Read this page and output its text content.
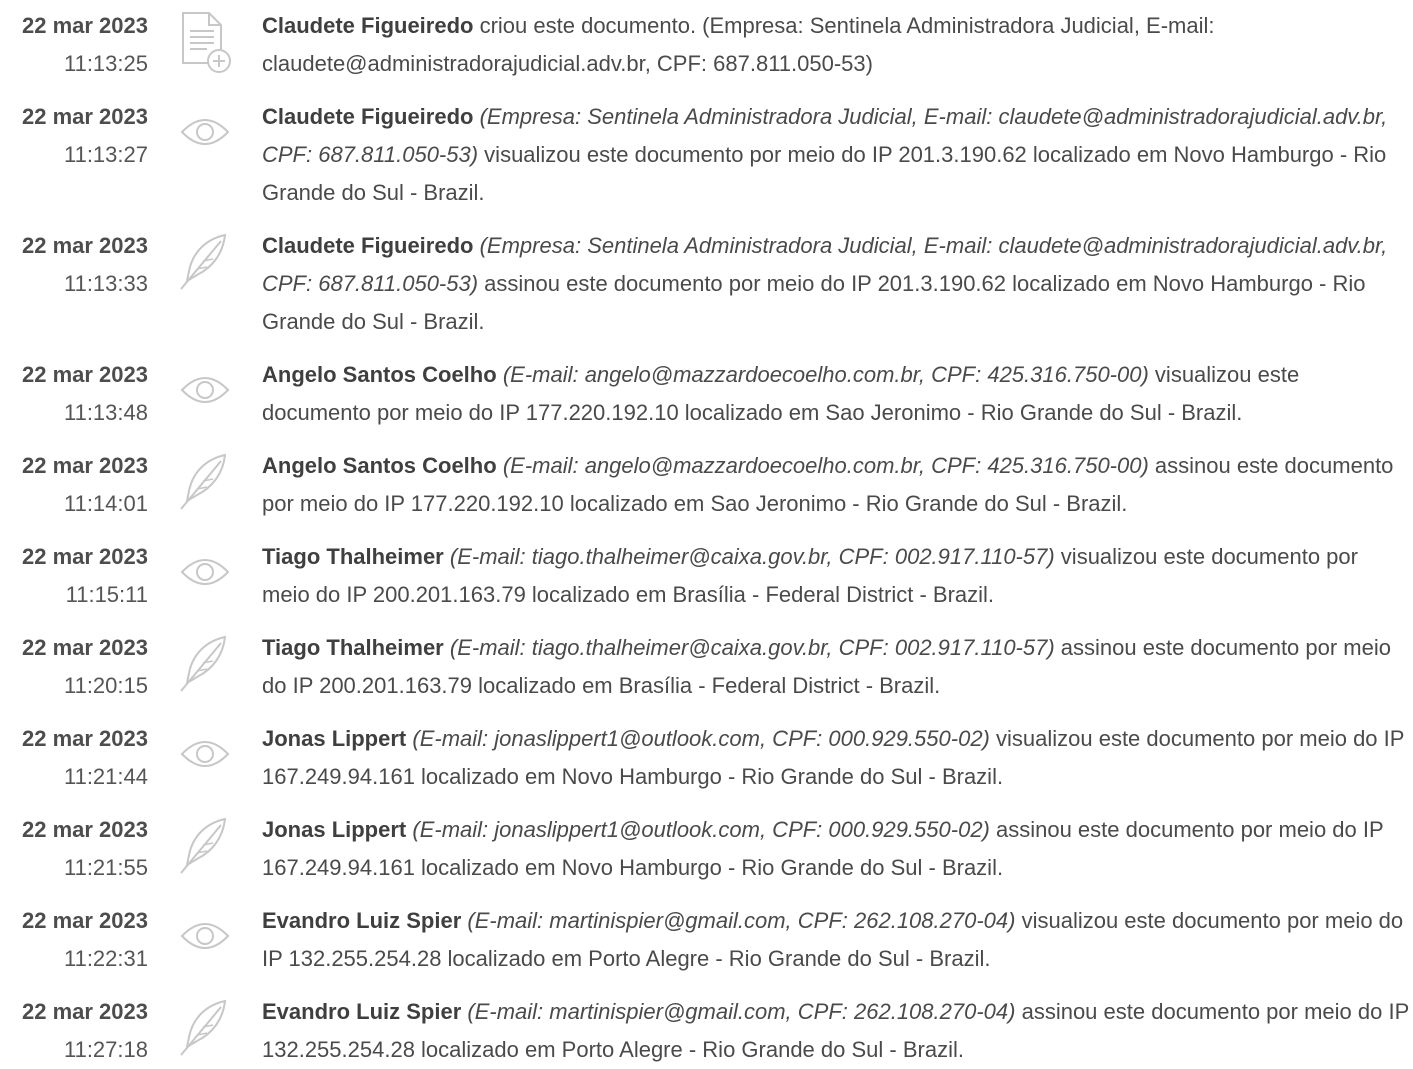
22 mar 2023
11:13:25
Claudete Figueiredo criou este documento. (Empresa: Sentinela Administradora Judicial, E-mail: claudete@administradorajudicial.adv.br, CPF: 687.811.050-53)
22 mar 2023
11:13:27
Claudete Figueiredo (Empresa: Sentinela Administradora Judicial, E-mail: claudete@administradorajudicial.adv.br, CPF: 687.811.050-53) visualizou este documento por meio do IP 201.3.190.62 localizado em Novo Hamburgo - Rio Grande do Sul - Brazil.
22 mar 2023
11:13:33
Claudete Figueiredo (Empresa: Sentinela Administradora Judicial, E-mail: claudete@administradorajudicial.adv.br, CPF: 687.811.050-53) assinou este documento por meio do IP 201.3.190.62 localizado em Novo Hamburgo - Rio Grande do Sul - Brazil.
22 mar 2023
11:13:48
Angelo Santos Coelho (E-mail: angelo@mazzardoecoelho.com.br, CPF: 425.316.750-00) visualizou este documento por meio do IP 177.220.192.10 localizado em Sao Jeronimo - Rio Grande do Sul - Brazil.
22 mar 2023
11:14:01
Angelo Santos Coelho (E-mail: angelo@mazzardoecoelho.com.br, CPF: 425.316.750-00) assinou este documento por meio do IP 177.220.192.10 localizado em Sao Jeronimo - Rio Grande do Sul - Brazil.
22 mar 2023
11:15:11
Tiago Thalheimer (E-mail: tiago.thalheimer@caixa.gov.br, CPF: 002.917.110-57) visualizou este documento por meio do IP 200.201.163.79 localizado em Brasília - Federal District - Brazil.
22 mar 2023
11:20:15
Tiago Thalheimer (E-mail: tiago.thalheimer@caixa.gov.br, CPF: 002.917.110-57) assinou este documento por meio do IP 200.201.163.79 localizado em Brasília - Federal District - Brazil.
22 mar 2023
11:21:44
Jonas Lippert (E-mail: jonaslippert1@outlook.com, CPF: 000.929.550-02) visualizou este documento por meio do IP 167.249.94.161 localizado em Novo Hamburgo - Rio Grande do Sul - Brazil.
22 mar 2023
11:21:55
Jonas Lippert (E-mail: jonaslippert1@outlook.com, CPF: 000.929.550-02) assinou este documento por meio do IP 167.249.94.161 localizado em Novo Hamburgo - Rio Grande do Sul - Brazil.
22 mar 2023
11:22:31
Evandro Luiz Spier (E-mail: martinispier@gmail.com, CPF: 262.108.270-04) visualizou este documento por meio do IP 132.255.254.28 localizado em Porto Alegre - Rio Grande do Sul - Brazil.
22 mar 2023
11:27:18
Evandro Luiz Spier (E-mail: martinispier@gmail.com, CPF: 262.108.270-04) assinou este documento por meio do IP 132.255.254.28 localizado em Porto Alegre - Rio Grande do Sul - Brazil.
